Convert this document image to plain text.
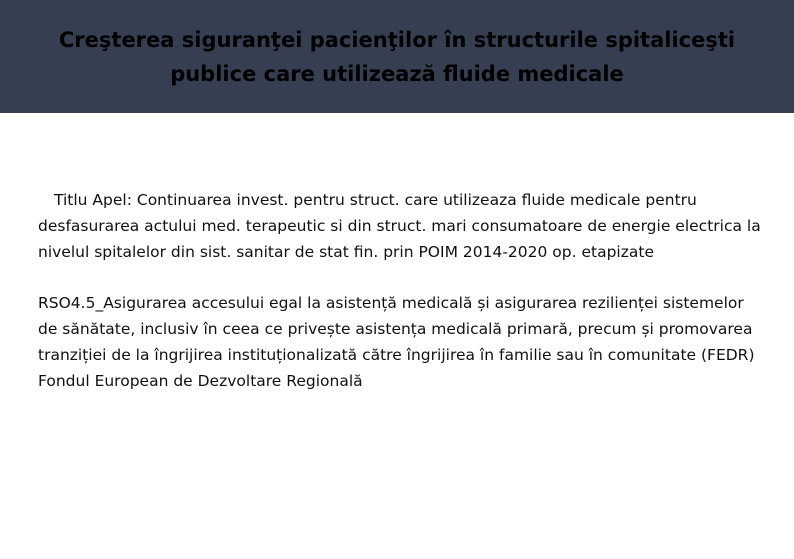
Creşterea siguranţei pacienţilor în structurile spitaliceşti publice care utilizează fluide medicale

Titlu Apel: Continuarea invest. pentru struct. care utilizeaza fluide medicale pentru desfasurarea actului med. terapeutic si din struct. mari consumatoare de energie electrica la nivelul spitalelor din sist. sanitar de stat fin. prin POIM 2014-2020 op. etapizate

RSO4.5_Asigurarea accesului egal la asistență medicală și asigurarea rezilienței sistemelor de sănătate, inclusiv în ceea ce privește asistența medicală primară, precum și promovarea tranziției de la îngrijirea instituționalizată către îngrijirea în familie sau în comunitate (FEDR) Fondul European de Dezvoltare Regională
